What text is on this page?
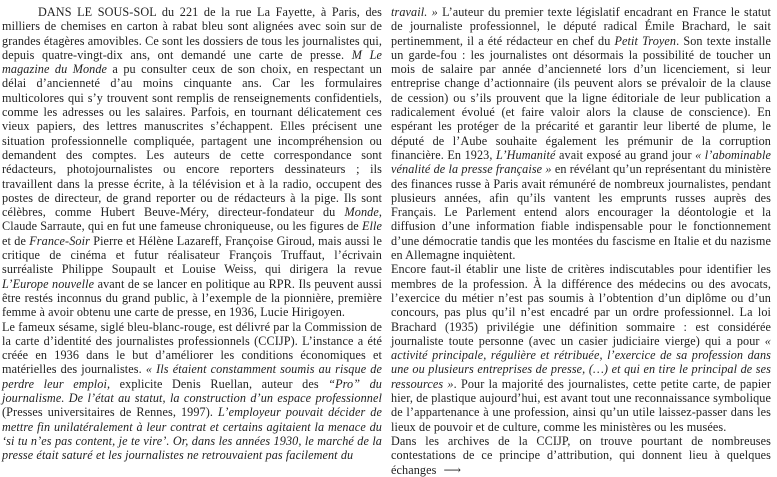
DANS LE SOUS-SOL du 221 de la rue La Fayette, à Paris, des milliers de chemises en carton à rabat bleu sont alignées avec soin sur de grandes étagères amovibles. Ce sont les dossiers de tous les journalistes qui, depuis quatre-vingt-dix ans, ont demandé une carte de presse. M Le magazine du Monde a pu consulter ceux de son choix, en respectant un délai d’ancienneté d’au moins cinquante ans. Car les formulaires multicolores qui s’y trouvent sont remplis de renseignements confidentiels, comme les adresses ou les salaires. Parfois, en tournant délicatement ces vieux papiers, des lettres manuscrites s’échappent. Elles précisent une situation professionnelle compliquée, partagent une incompréhension ou demandent des comptes. Les auteurs de cette correspondance sont rédacteurs, photojournalistes ou encore reporters dessinateurs ; ils travaillent dans la presse écrite, à la télévision et à la radio, occupent des postes de directeur, de grand reporter ou de rédacteurs à la pige. Ils sont célèbres, comme Hubert Beuve-Méry, directeur-fondateur du Monde, Claude Sarraute, qui en fut une fameuse chroniqueuse, ou les figures de Elle et de France-Soir Pierre et Hélène Lazareff, Françoise Giroud, mais aussi le critique de cinéma et futur réalisateur François Truffaut, l’écrivain surréaliste Philippe Soupault et Louise Weiss, qui dirigera la revue L’Europe nouvelle avant de se lancer en politique au RPR. Ils peuvent aussi être restés inconnus du grand public, à l’exemple de la pionnière, première femme à avoir obtenu une carte de presse, en 1936, Lucie Hirigoyen.

Le fameux sésame, siglé bleu-blanc-rouge, est délivré par la Commission de la carte d’identité des journalistes professionnels (CCIJP). L’instance a été créée en 1936 dans le but d’améliorer les conditions économiques et matérielles des journalistes. « Ils étaient constamment soumis au risque de perdre leur emploi, explicite Denis Ruellan, auteur des “Pro” du journalisme. De l’état au statut, la construction d’un espace professionnel (Presses universitaires de Rennes, 1997). L’employeur pouvait décider de mettre fin unilatéralement à leur contrat et certains agitaient la menace du ‘si tu n’es pas content, je te vire’. Or, dans les années 1930, le marché de la presse était saturé et les journalistes ne retrouvaient pas facilement du

travail. » L’auteur du premier texte législatif encadrant en France le statut de journaliste professionnel, le député radical Émile Brachard, le sait pertinemment, il a été rédacteur en chef du Petit Troyen. Son texte installe un garde-fou : les journalistes ont désormais la possibilité de toucher un mois de salaire par année d’ancienneté lors d’un licenciement, si leur entreprise change d’actionnaire (ils peuvent alors se prévaloir de la clause de cession) ou s’ils prouvent que la ligne éditoriale de leur publication a radicalement évolué (et faire valoir alors la clause de conscience). En espérant les protéger de la précarité et garantir leur liberté de plume, le député de l’Aube souhaite également les prémunir de la corruption financière. En 1923, L’Humanité avait exposé au grand jour « l’abominable vénalité de la presse française » en révélant qu’un représentant du ministère des finances russe à Paris avait rémunéré de nombreux journalistes, pendant plusieurs années, afin qu’ils vantent les emprunts russes auprès des Français. Le Parlement entend alors encourager la déontologie et la diffusion d’une information fiable indispensable pour le fonctionnement d’une démocratie tandis que les montées du fascisme en Italie et du nazisme en Allemagne inquiètent.

Encore faut-il établir une liste de critères indiscutables pour identifier les membres de la profession. À la différence des médecins ou des avocats, l’exercice du métier n’est pas soumis à l’obtention d’un diplôme ou d’un concours, pas plus qu’il n’est encadré par un ordre professionnel. La loi Brachard (1935) privilégie une définition sommaire : est considérée journaliste toute personne (avec un casier judiciaire vierge) qui a pour « activité principale, régulière et rétribuée, l’exercice de sa profession dans une ou plusieurs entreprises de presse, (…) et qui en tire le principal de ses ressources ». Pour la majorité des journalistes, cette petite carte, de papier hier, de plastique aujourd’hui, est avant tout une reconnaissance symbolique de l’appartenance à une profession, ainsi qu’un utile laissez-passer dans les lieux de pouvoir et de culture, comme les ministères ou les musées.

Dans les archives de la CCIJP, on trouve pourtant de nombreuses contestations de ce principe d’attribution, qui donnent lieu à quelques échanges ⟶
